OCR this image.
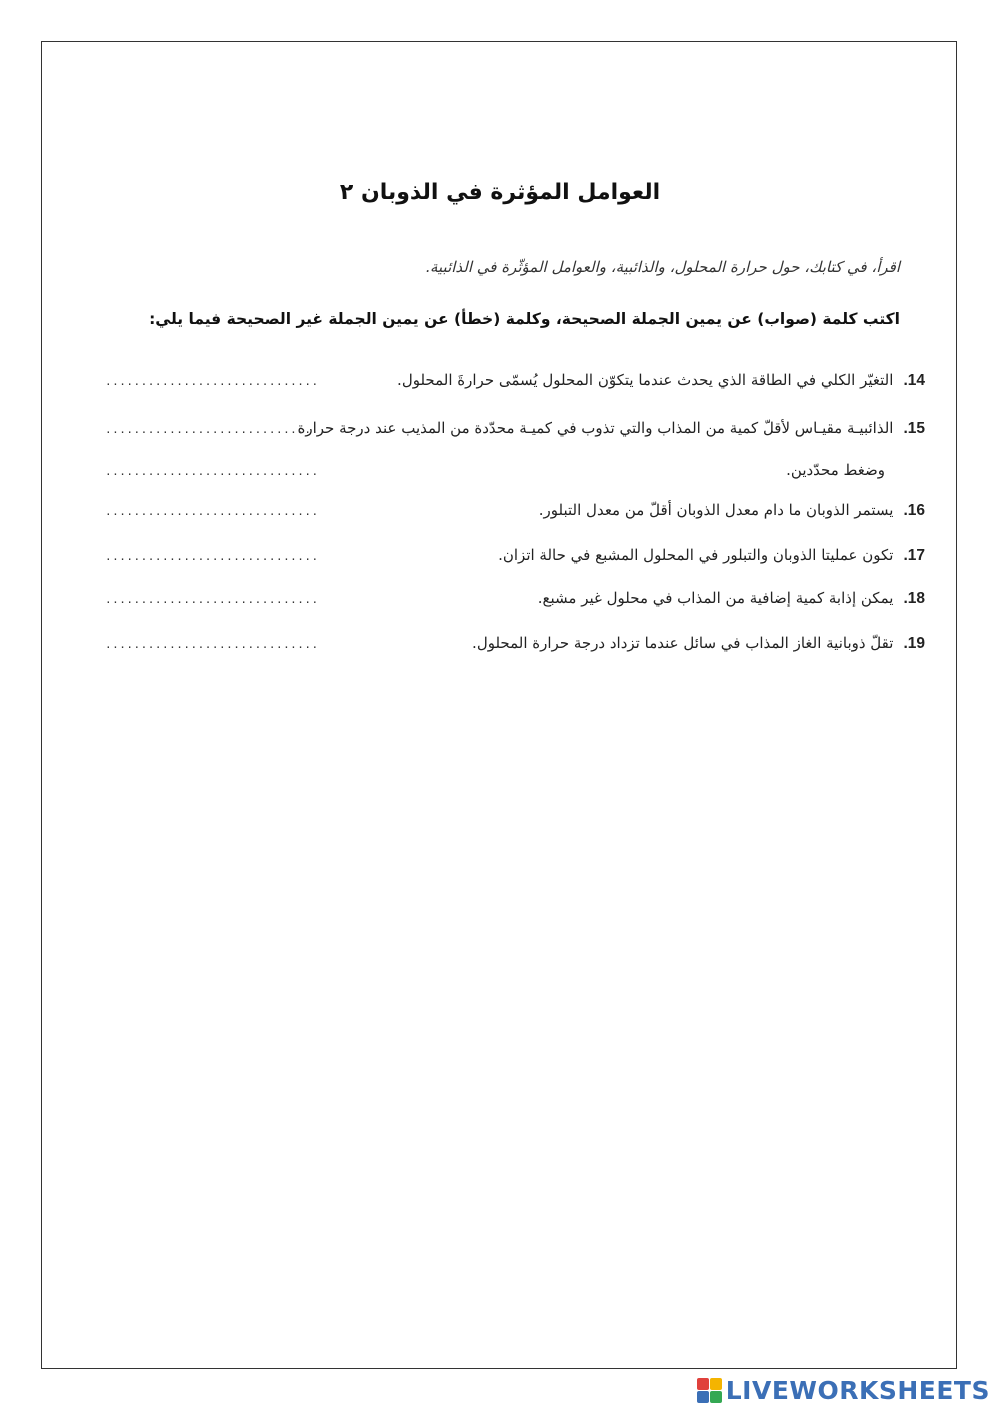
العوامل المؤثرة في الذوبان ٢
اقرأ، في كتابك، حول حرارة المحلول، والذائبية، والعوامل المؤثّرة في الذائبية.
اكتب كلمة (صواب) عن يمين الجملة الصحيحة، وكلمة (خطأ) عن يمين الجملة غير الصحيحة فيما يلي:
.14
التغيّر الكلي في الطاقة الذي يحدث عندما يتكوّن المحلول يُسمّى حرارةَ المحلول.
..............................
.15
الذائبيـة مقيـاس لأقلّ كمية من المذاب والتي تذوب في كميـة محدّدة من المذيب عند درجة حرارة
..............................
وضغط محدّدين.
..............................
.16
يستمر الذوبان ما دام معدل الذوبان أقلّ من معدل التبلور.
..............................
.17
تكون عمليتا الذوبان والتبلور في المحلول المشبع في حالة اتزان.
..............................
.18
يمكن إذابة كمية إضافية من المذاب في محلول غير مشبع.
..............................
.19
تقلّ ذوبانية الغاز المذاب في سائل عندما تزداد درجة حرارة المحلول.
..............................
LIVEWORKSHEETS
